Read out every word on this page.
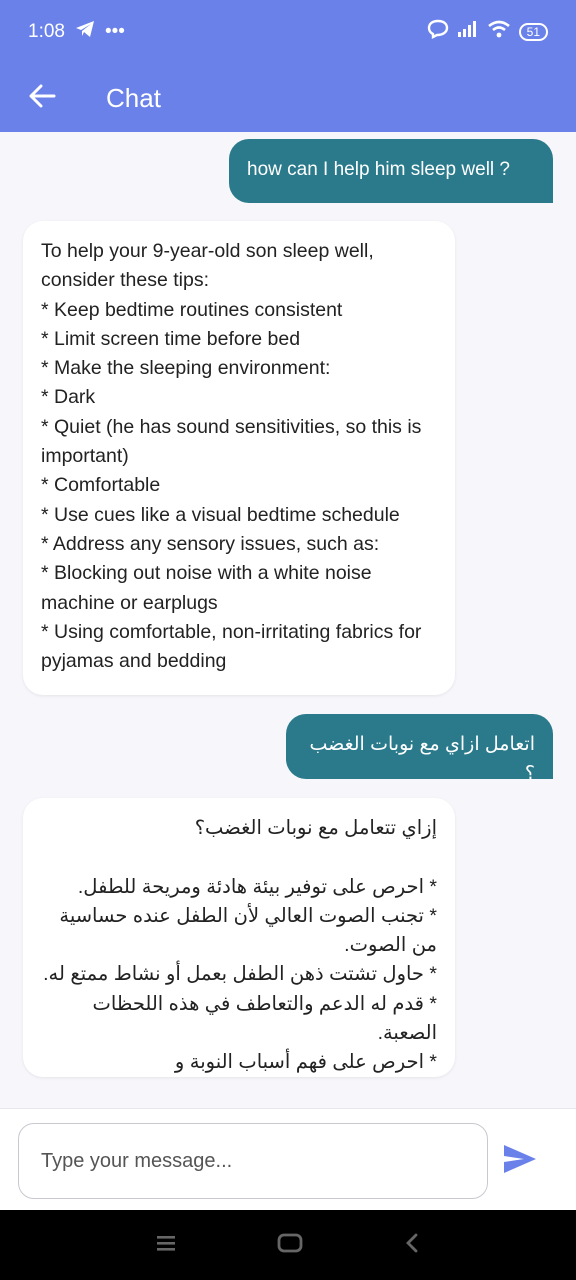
1:08 •••	51
Chat
how can I help him sleep well ?
To help your 9-year-old son sleep well, consider these tips:
* Keep bedtime routines consistent
* Limit screen time before bed
* Make the sleeping environment:
* Dark
* Quiet (he has sound sensitivities, so this is important)
* Comfortable
* Use cues like a visual bedtime schedule
* Address any sensory issues, such as:
* Blocking out noise with a white noise machine or earplugs
* Using comfortable, non-irritating fabrics for pyjamas and bedding
اتعامل ازاي مع نوبات الغضب ؟
إزاي تتعامل مع نوبات الغضب؟

* احرص على توفير بيئة هادئة ومريحة للطفل.
* تجنب الصوت العالي لأن الطفل عنده حساسية من الصوت.
* حاول تشتت ذهن الطفل بعمل أو نشاط ممتع له.
* قدم له الدعم والتعاطف في هذه اللحظات الصعبة.
* احرص على فهم أسباب النوبة و
Type your message...
